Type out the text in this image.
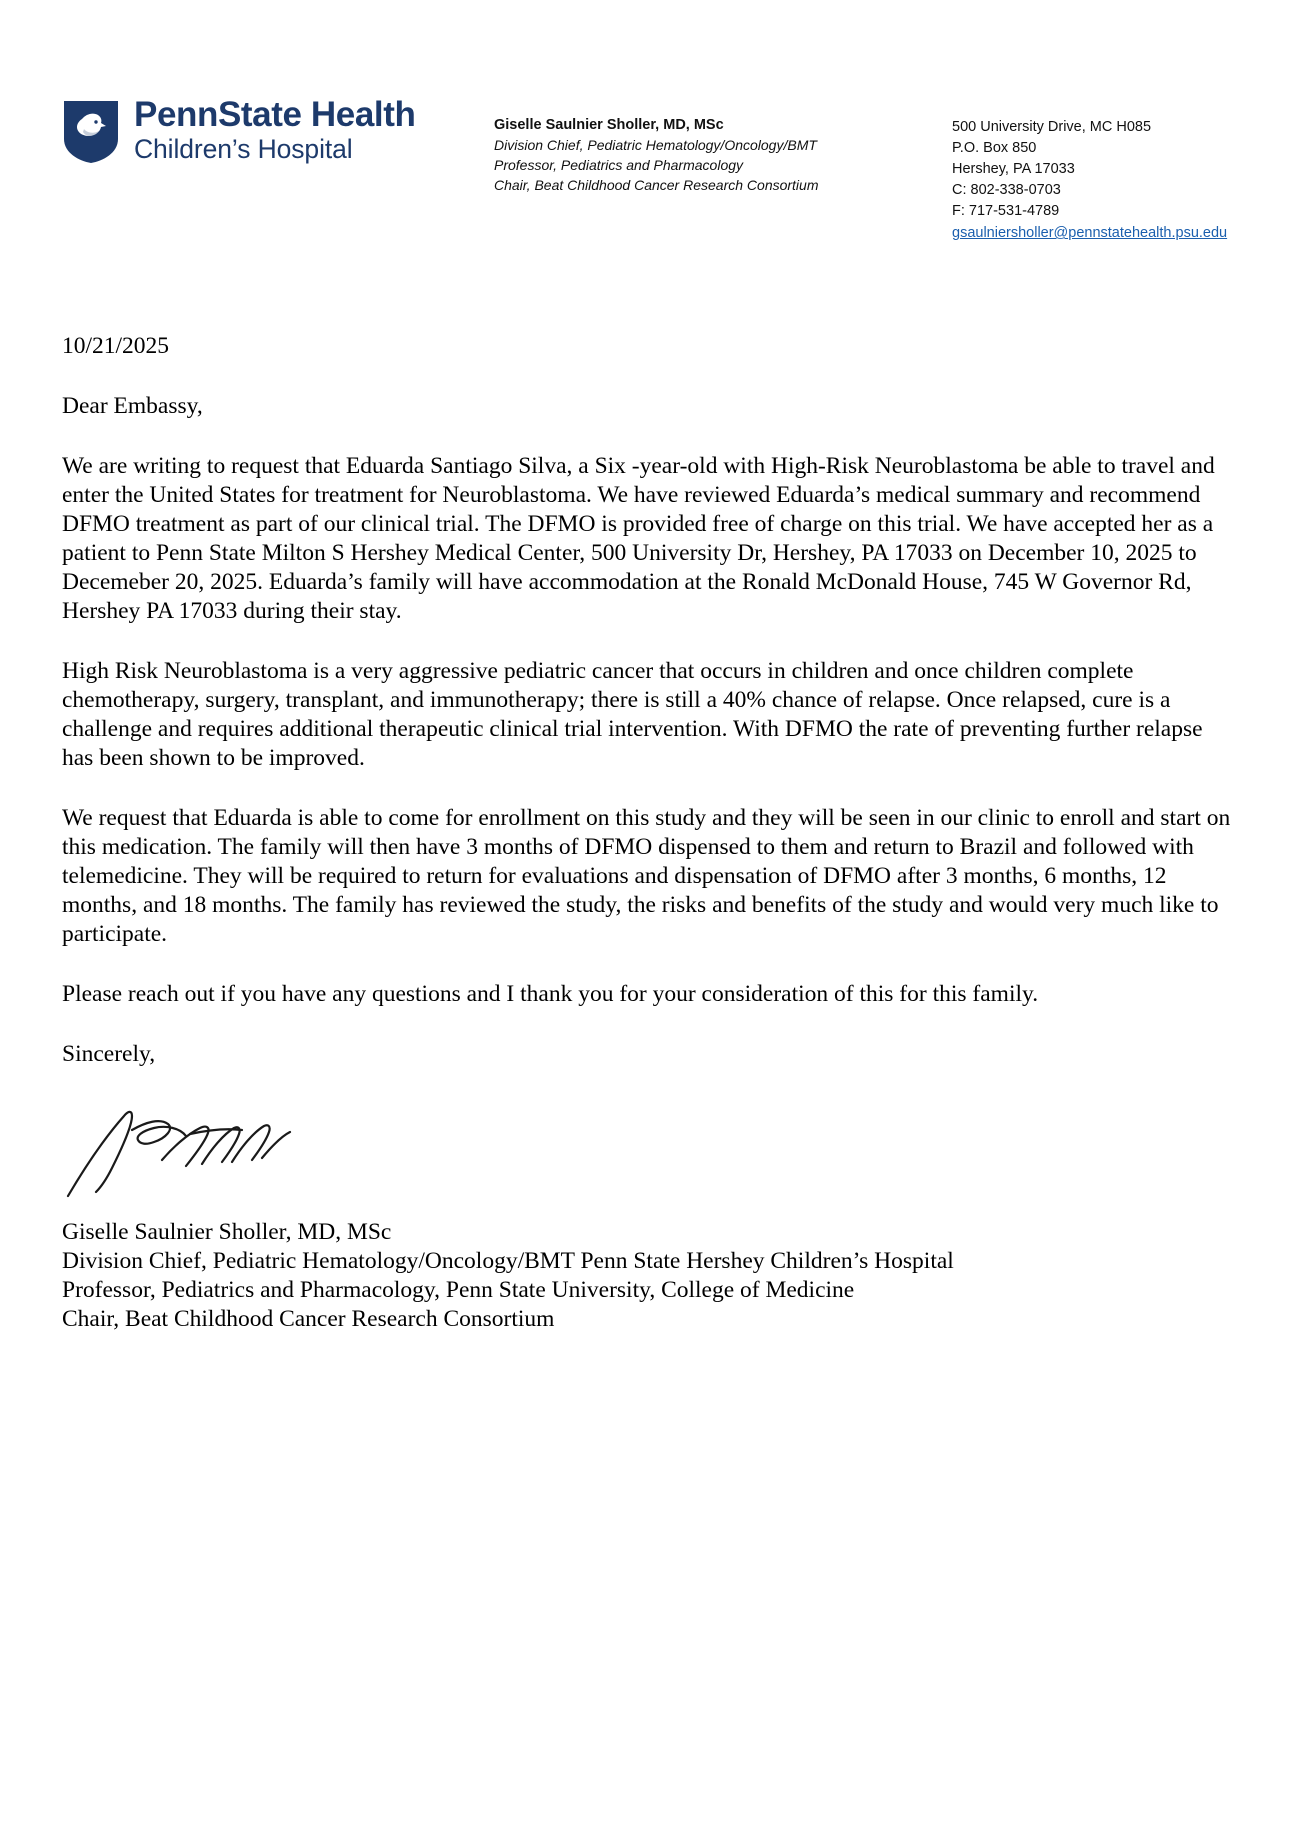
PennState Health
Children’s Hospital
Giselle Saulnier Sholler, MD, MSc
Division Chief, Pediatric Hematology/Oncology/BMT
Professor, Pediatrics and Pharmacology
Chair, Beat Childhood Cancer Research Consortium
500 University Drive, MC H085
P.O. Box 850
Hershey, PA 17033
C: 802-338-0703
F: 717-531-4789
gsaulniersholler@pennstatehealth.psu.edu

10/21/2025

Dear Embassy,

We are writing to request that Eduarda Santiago Silva, a Six -year-old with High-Risk Neuroblastoma be able to travel and enter the United States for treatment for Neuroblastoma. We have reviewed Eduarda’s medical summary and recommend DFMO treatment as part of our clinical trial. The DFMO is provided free of charge on this trial. We have accepted her as a patient to Penn State Milton S Hershey Medical Center, 500 University Dr, Hershey, PA 17033 on December 10, 2025 to Decemeber 20, 2025. Eduarda’s family will have accommodation at the Ronald McDonald House, 745 W Governor Rd, Hershey PA 17033 during their stay.

High Risk Neuroblastoma is a very aggressive pediatric cancer that occurs in children and once children complete chemotherapy, surgery, transplant, and immunotherapy; there is still a 40% chance of relapse. Once relapsed, cure is a challenge and requires additional therapeutic clinical trial intervention. With DFMO the rate of preventing further relapse has been shown to be improved.

We request that Eduarda is able to come for enrollment on this study and they will be seen in our clinic to enroll and start on this medication. The family will then have 3 months of DFMO dispensed to them and return to Brazil and followed with telemedicine. They will be required to return for evaluations and dispensation of DFMO after 3 months, 6 months, 12 months, and 18 months. The family has reviewed the study, the risks and benefits of the study and would very much like to participate.

Please reach out if you have any questions and I thank you for your consideration of this for this family.

Sincerely,

Giselle Saulnier Sholler, MD, MSc
Division Chief, Pediatric Hematology/Oncology/BMT Penn State Hershey Children’s Hospital
Professor, Pediatrics and Pharmacology, Penn State University, College of Medicine
Chair, Beat Childhood Cancer Research Consortium
